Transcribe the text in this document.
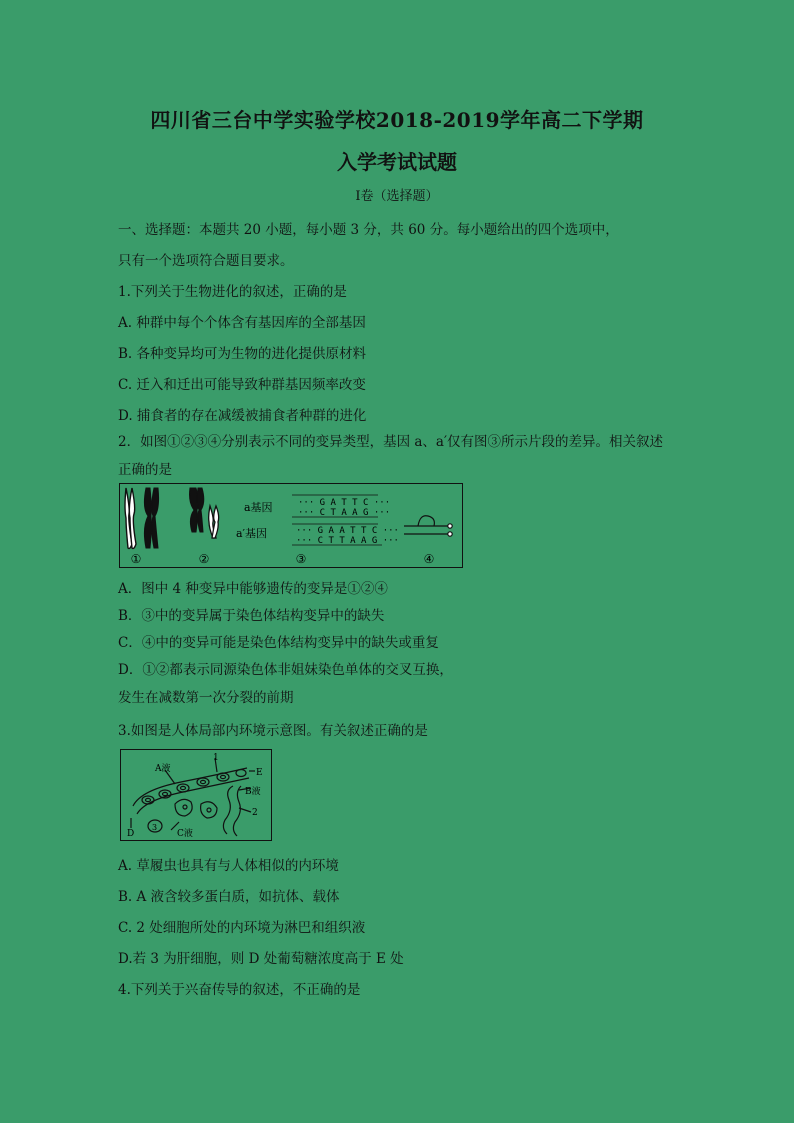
四川省三台中学实验学校2018-2019学年高二下学期
入学考试试题
Ⅰ卷（选择题）
一、选择题：本题共 20 小题，每小题 3 分，共 60 分。每小题给出的四个选项中，
只有一个选项符合题目要求。
1.下列关于生物进化的叙述，正确的是
A. 种群中每个个体含有基因库的全部基因
B. 各种变异均可为生物的进化提供原材料
C. 迁入和迁出可能导致种群基因频率改变
D. 捕食者的存在减缓被捕食者种群的进化
2．如图①②③④分别表示不同的变异类型，基因 a、a′仅有图③所示片段的差异。相关叙述
正确的是
a基因
a′基因
··· G A T T C ···
··· C T A A G ···
··· G A A T T C ···
··· C T T A A G ···
①	②	③	④
A．图中 4 种变异中能够遗传的变异是①②④
B．③中的变异属于染色体结构变异中的缺失
C．④中的变异可能是染色体结构变异中的缺失或重复
D．①②都表示同源染色体非姐妹染色单体的交叉互换，
发生在减数第一次分裂的前期
3.如图是人体局部内环境示意图。有关叙述正确的是
A液
1
E
B液
2
C液
3
D
A. 草履虫也具有与人体相似的内环境
B. A 液含较多蛋白质，如抗体、载体
C. 2 处细胞所处的内环境为淋巴和组织液
D.若 3 为肝细胞，则 D 处葡萄糖浓度高于 E 处
4.下列关于兴奋传导的叙述，不正确的是
